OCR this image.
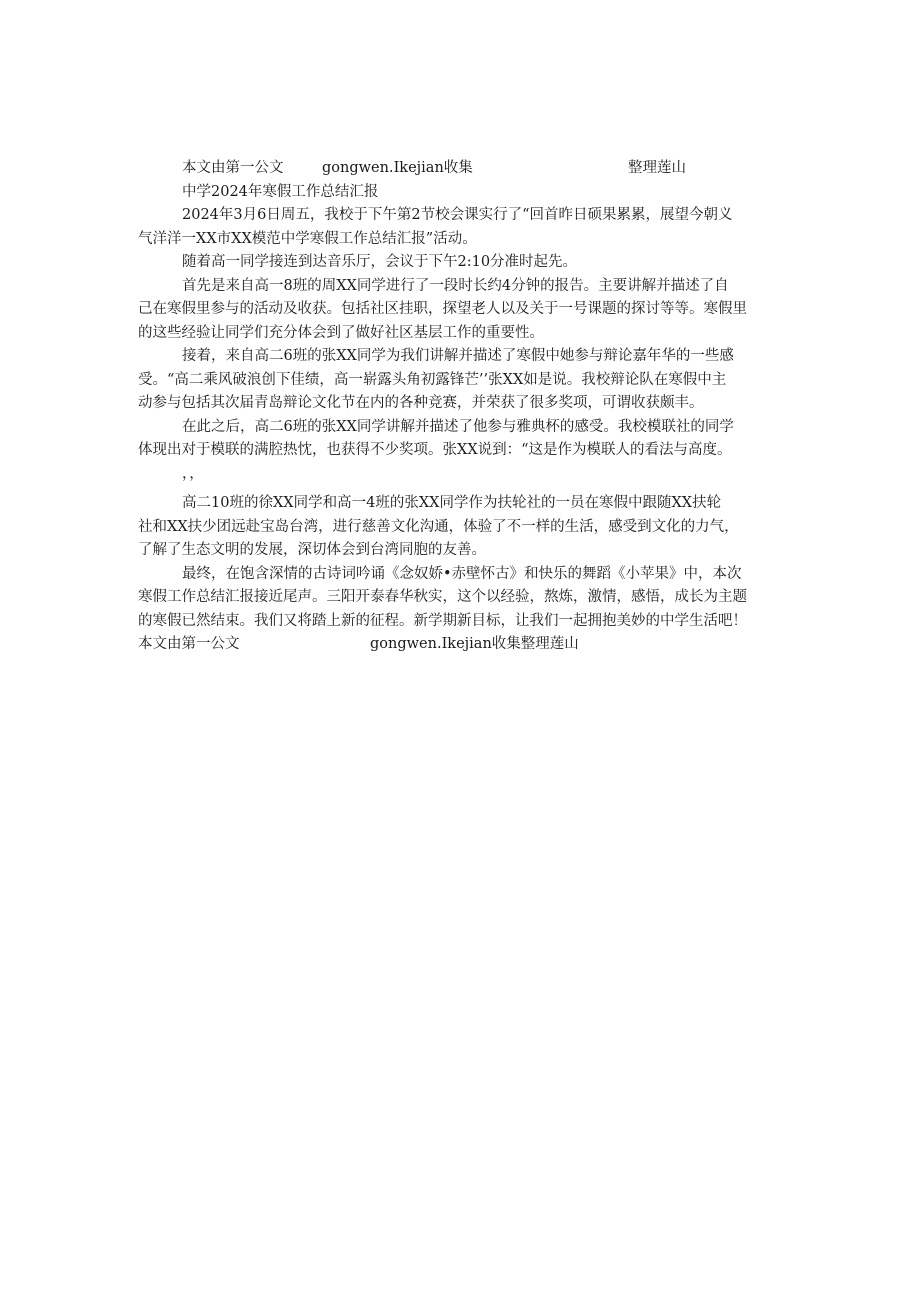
本文由第一公文	gongwen.Ikejian收集	整理莲山
中学2024年寒假工作总结汇报
2024年3月6日周五，我校于下午第2节校会课实行了“回首昨日硕果累累，展望今朝义
气洋洋一XX市XX模范中学寒假工作总结汇报”活动。
随着高一同学接连到达音乐厅，会议于下午2:10分准时起先。
首先是来自高一8班的周XX同学进行了一段时长约4分钟的报告。主要讲解并描述了自
己在寒假里参与的活动及收获。包括社区挂职，探望老人以及关于一号课题的探讨等等。寒假里
的这些经验让同学们充分体会到了做好社区基层工作的重要性。
接着，来自高二6班的张XX同学为我们讲解并描述了寒假中她参与辩论嘉年华的一些感
受。“高二乘风破浪创下佳绩，高一崭露头角初露锋芒’’张XX如是说。我校辩论队在寒假中主
动参与包括其次届青岛辩论文化节在内的各种竞赛，并荣获了很多奖项，可谓收获颇丰。
在此之后，高二6班的张XX同学讲解并描述了他参与雅典杯的感受。我校模联社的同学
体现出对于模联的满腔热忱，也获得不少奖项。张XX说到：“这是作为模联人的看法与高度。
，，
高二10班的徐XX同学和高一4班的张XX同学作为扶轮社的一员在寒假中跟随XX扶轮
社和XX扶少团远赴宝岛台湾，进行慈善文化沟通，体验了不一样的生活，感受到文化的力气，
了解了生态文明的发展，深切体会到台湾同胞的友善。
最终，在饱含深情的古诗词吟诵《念奴娇•赤壁怀古》和快乐的舞蹈《小苹果》中，本次
寒假工作总结汇报接近尾声。三阳开泰春华秋实，这个以经验，熬炼，激情，感悟，成长为主题
的寒假已然结束。我们又将踏上新的征程。新学期新目标，让我们一起拥抱美妙的中学生活吧！
本文由第一公文	gongwen.Ikejian收集整理莲山
